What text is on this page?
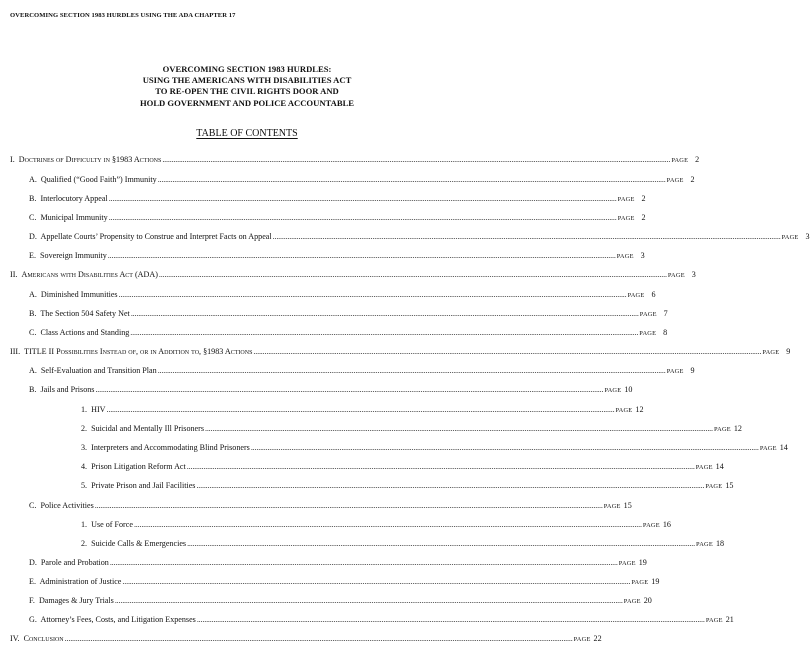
OVERCOMING SECTION 1983 HURDLES USING THE ADA CHAPTER 17
OVERCOMING SECTION 1983 HURDLES:
USING THE AMERICANS WITH DISABILITIES ACT
TO RE-OPEN THE CIVIL RIGHTS DOOR AND
HOLD GOVERNMENT AND POLICE ACCOUNTABLE
TABLE OF CONTENTS
I. Doctrines of Difficulty in §1983 Actions . . .	PAGE 2
A. Qualified (“Good Faith”) Immunity . . .	PAGE 2
B. Interlocutory Appeal . . .	PAGE 2
C. Municipal Immunity . . .	PAGE 2
D. Appellate Courts’ Propensity to Construe and Interpret Facts on Appeal . . .	PAGE 3
E. Sovereign Immunity . . .	PAGE 3
II. Americans with Disabilities Act (ADA) . . .	PAGE 3
A. Diminished Immunities . . .	PAGE 6
B. The Section 504 Safety Net . . .	PAGE 7
C. Class Actions and Standing . . .	PAGE 8
III. TITLE II Possibilities Instead of, or in Addition to, §1983 Actions . . .	PAGE 9
A. Self-Evaluation and Transition Plan . . .	PAGE 9
B. Jails and Prisons . . .	PAGE 10
1. HIV . . .	PAGE 12
2. Suicidal and Mentally Ill Prisoners . . .	PAGE 12
3. Interpreters and Accommodating Blind Prisoners . . .	PAGE 14
4. Prison Litigation Reform Act . . .	PAGE 14
5. Private Prison and Jail Facilities . . .	PAGE 15
C. Police Activities . . .	PAGE 15
1. Use of Force . . .	PAGE 16
2. Suicide Calls & Emergencies . . .	PAGE 18
D. Parole and Probation . . .	PAGE 19
E. Administration of Justice . . .	PAGE 19
F. Damages & Jury Trials . . .	PAGE 20
G. Attorney’s Fees, Costs, and Litigation Expenses . . .	PAGE 21
IV. Conclusion . . .	PAGE 22
